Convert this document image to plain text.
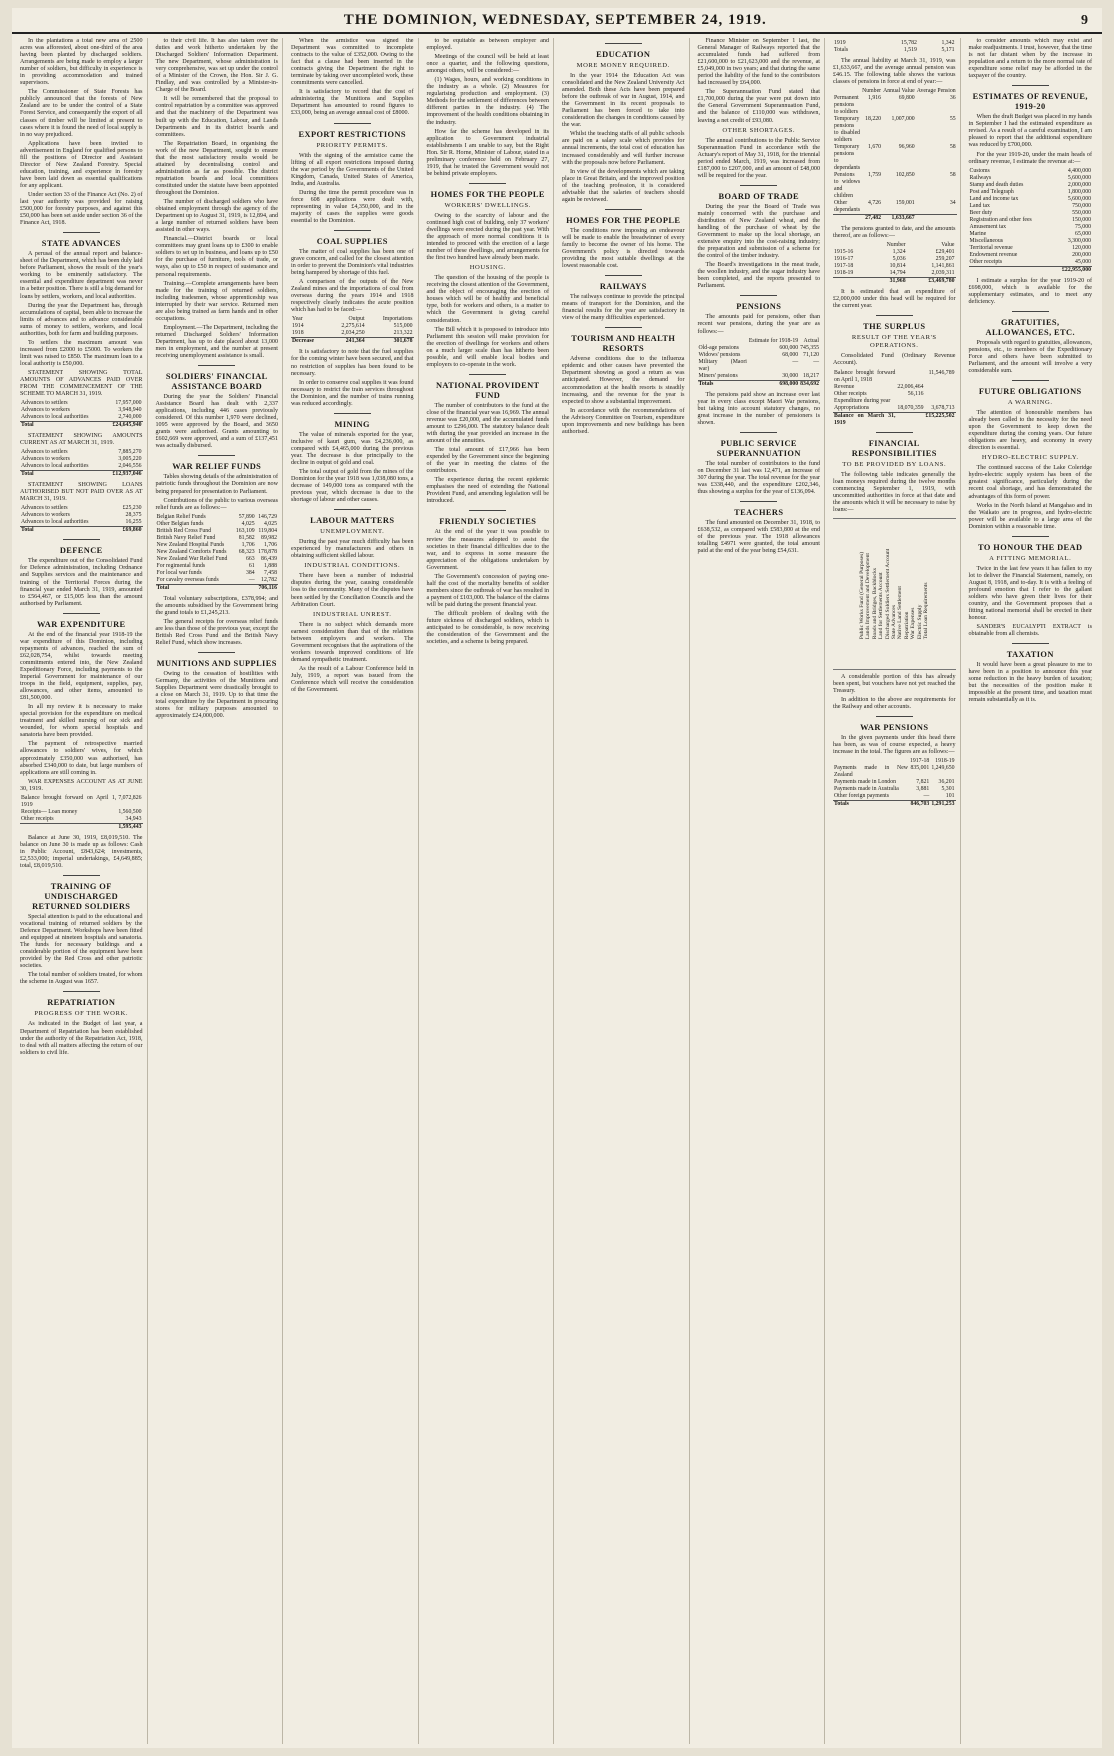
THE DOMINION, WEDNESDAY, SEPTEMBER 24, 1919.	9

In the plantations a total new area of 2500 acres was afforested, about one-third of the area having been planted by discharged soldiers. Arrangements are being made to employ a larger number of soldiers, but difficulty in experience is in providing accommodation and trained supervisors.

The Commissioner of State Forests has publicly announced that the forests of New Zealand are to be under the control of a State Forest Service, and consequently the export of all classes of timber will be limited at present to cases where it is found the need of local supply is in no way prejudiced.

Applications have been invited to advertisement in England for qualified persons to fill the positions of Director and Assistant Director of New Zealand Forestry. Special education, training, and experience in forestry have been laid down as essential qualifications for any applicant.

Under section 33 of the Finance Act (No. 2) of last year authority was provided for raising £500,000 for forestry purposes, and against this £50,000 has been set aside under section 36 of the Finance Act, 1918.

STATE ADVANCES

A perusal of the annual report and balance-sheet of the Department, which has been duly laid before Parliament, shows the result of the year's working to be eminently satisfactory. The essential and expenditure department was never in a better position. There is still a big demand for loans by settlers, workers, and local authorities.

During the year the Department has, through accumulations of capital, been able to increase the limits of advances and to advance considerable sums of money to settlers, workers, and local authorities, both for farm and building purposes.

To settlers the maximum amount was increased from £2000 to £5000. To workers the limit was raised to £850. The maximum loan to a local authority is £50,000.

STATEMENT SHOWING TOTAL AMOUNTS OF ADVANCES PAID OVER FROM THE COMMENCEMENT OF THE SCHEME TO MARCH 31, 1919.

Advances to settlers	17,957,000
Advances to workers	3,948,940
Advances to local authorities	2,740,000
Total	£24,645,940

STATEMENT SHOWING AMOUNTS CURRENT AS AT MARCH 31, 1919.

Advances to settlers	7,885,270
Advances to workers	3,005,220
Advances to local authorities	2,046,556
Total	£12,937,046

STATEMENT SHOWING LOANS AUTHORISED BUT NOT PAID OVER AS AT MARCH 31, 1919.

Advances to settlers	£25,230
Advances to workers	28,375
Advances to local authorities	16,255
Total	£69,860
DEFENCE

The expenditure out of the Consolidated Fund for Defence administration, including Ordnance and Supplies services and the maintenance and training of the Territorial Forces during the financial year ended March 31, 1919, amounted to £564,467, or £15,005 less than the amount authorised by Parliament.

WAR EXPENDITURE

At the end of the financial year 1918-19 the war expenditure of this Dominion, including repayments of advances, reached the sum of £62,028,754, whilst towards meeting commitments entered into, the New Zealand Expeditionary Force, including payments to the Imperial Government for maintenance of our troops in the field, equipment, supplies, pay, allowances, and other items, amounted to £81,500,000.

In all my review it is necessary to make special provision for the expenditure on medical treatment and skilled nursing of our sick and wounded, for whom special hospitals and sanatoria have been provided.

The payment of retrospective married allowances to soldiers' wives, for which approximately £350,000 was authorised, has absorbed £340,000 to date, but large numbers of applications are still coming in.

WAR EXPENSES ACCOUNT AS AT JUNE 30, 1919.

Balance brought forward on April 1, 1919	7,072,826
Receipts— Loan money	1,560,500
Other receipts	34,943
	1,595,443

Balance at June 30, 1919, £8,019,510. The balance on June 30 is made up as follows: Cash in Public Account, £843,624; investments, £2,533,000; imperial undertakings, £4,649,885; total, £8,019,510.

TRAINING OF UNDISCHARGED RETURNED SOLDIERS

Special attention is paid to the educational and vocational training of returned soldiers by the Defence Department. Workshops have been fitted and equipped at nineteen hospitals and sanatoria. The funds for necessary buildings and a considerable portion of the equipment have been provided by the Red Cross and other patriotic societies.

The total number of soldiers treated, for whom the scheme in August was 1657.

REPATRIATION
PROGRESS OF THE WORK.

As indicated in the Budget of last year, a Department of Repatriation has been established under the authority of the Repatriation Act, 1918, to deal with all matters affecting the return of our soldiers to civil life.

to their civil life. It has also taken over the duties and work hitherto undertaken by the Discharged Soldiers' Information Department. The new Department, whose administration is very comprehensive, was set up under the control of a Minister of the Crown, the Hon. Sir J. G. Findlay, and was controlled by a Minister-in-Charge of the Board.

It will be remembered that the proposal to control repatriation by a committee was approved and that the machinery of the Department was built up with the Education, Labour, and Lands Departments and in its district boards and committees.

The Repatriation Board, in organising the work of the new Department, sought to ensure that the most satisfactory results would be attained by decentralising control and administration as far as possible. The district repatriation boards and local committees constituted under the statute have been appointed throughout the Dominion.

The number of discharged soldiers who have obtained employment through the agency of the Department up to August 31, 1919, is 12,894, and a large number of returned soldiers have been assisted in other ways.

Financial.—District boards or local committees may grant loans up to £300 to enable soldiers to set up in business, and loans up to £50 for the purchase of furniture, tools of trade, or ways, also up to £50 in respect of sustenance and personal requirements.

Training.—Complete arrangements have been made for the training of returned soldiers, including tradesmen, whose apprenticeship was interrupted by their war service. Returned men are also being trained as farm hands and in other occupations.

Employment.—The Department, including the returned Discharged Soldiers' Information Department, has up to date placed about 13,000 men in employment, and the number at present receiving unemployment assistance is small.

SOLDIERS' FINANCIAL ASSISTANCE BOARD

During the year the Soldiers' Financial Assistance Board has dealt with 2,337 applications, including 446 cases previously considered. Of this number 1,970 were declined, 1095 were approved by the Board, and 3650 grants were authorised. Grants amounting to £602,669 were approved, and a sum of £137,451 was actually disbursed.

WAR RELIEF FUNDS

Tables showing details of the administration of patriotic funds throughout the Dominion are now being prepared for presentation to Parliament.

Contributions of the public to various overseas relief funds are as follows:—

Belgian Relief Funds	57,890	146,729
Other Belgian funds	4,025	4,025
British Red Cross Fund	163,109	119,804
British Navy Relief Fund	81,582	89,982
New Zealand Hospital Funds	1,706	1,706
New Zealand Comforts Funds	68,323	178,878
New Zealand War Relief Fund	663	86,439
For regimental funds	61	1,888
For local war funds	384	7,458
For cavalry overseas funds	—	12,782
Total		706,116

Total voluntary subscriptions, £378,994; and the amounts subsidised by the Government bring the grand totals to £1,245,213.

The general receipts for overseas relief funds are less than those of the previous year, except the British Red Cross Fund and the British Navy Relief Fund, which show increases.

MUNITIONS AND SUPPLIES

Owing to the cessation of hostilities with Germany, the activities of the Munitions and Supplies Department were drastically brought to a close on March 31, 1919. Up to that time the total expenditure by the Department in procuring stores for military purposes amounted to approximately £24,000,000.

When the armistice was signed the Department was committed to incomplete contracts to the value of £352,000. Owing to the fact that a clause had been inserted in the contracts giving the Department the right to terminate by taking over uncompleted work, these commitments were cancelled.

It is satisfactory to record that the cost of administering the Munitions and Supplies Department has amounted to round figures to £33,000, being an average annual cost of £8000.

EXPORT RESTRICTIONS
PRIORITY PERMITS.

With the signing of the armistice came the lifting of all export restrictions imposed during the war period by the Governments of the United Kingdom, Canada, United States of America, India, and Australia.

During the time the permit procedure was in force 608 applications were dealt with, representing in value £4,350,000, and in the majority of cases the supplies were goods essential to the Dominion.

COAL SUPPLIES

The matter of coal supplies has been one of grave concern, and called for the closest attention in order to prevent the Dominion's vital industries being hampered by shortage of this fuel.

A comparison of the outputs of the New Zealand mines and the importations of coal from overseas during the years 1914 and 1918 respectively clearly indicates the acute position which has had to be faced:—

Year	Output	Importations
1914	2,275,614	515,000
1918	2,034,250	213,322
Decrease	241,364	301,678

It is satisfactory to note that the fuel supplies for the coming winter have been secured, and that no restriction of supplies has been found to be necessary.

In order to conserve coal supplies it was found necessary to restrict the train services throughout the Dominion, and the number of trains running was reduced accordingly.

MINING

The value of minerals exported for the year, inclusive of kauri gum, was £4,236,000, as compared with £4,465,000 during the previous year. The decrease is due principally to the decline in output of gold and coal.

The total output of gold from the mines of the Dominion for the year 1918 was 1,038,080 tons, a decrease of 149,000 tons as compared with the previous year, which decrease is due to the shortage of labour and other causes.

LABOUR MATTERS
UNEMPLOYMENT.

During the past year much difficulty has been experienced by manufacturers and others in obtaining sufficient skilled labour.

INDUSTRIAL CONDITIONS.

There have been a number of industrial disputes during the year, causing considerable loss to the community. Many of the disputes have been settled by the Conciliation Councils and the Arbitration Court.

INDUSTRIAL UNREST.

There is no subject which demands more earnest consideration than that of the relations between employers and workers. The Government recognises that the aspirations of the workers towards improved conditions of life demand sympathetic treatment.

As the result of a Labour Conference held in July, 1919, a report was issued from the Conference which will receive the consideration of the Government.

to be equitable as between employer and employed.

Meetings of the council will be held at least once a quarter, and the following questions, amongst others, will be considered:—

(1) Wages, hours, and working conditions in the industry as a whole. (2) Measures for regularising production and employment. (3) Methods for the settlement of differences between different parties in the industry. (4) The improvement of the health conditions obtaining in the industry.

How far the scheme has developed in its application to Government industrial establishments I am unable to say, but the Right Hon. Sir R. Horne, Minister of Labour, stated in a preliminary conference held on February 27, 1919, that he trusted the Government would not be behind private employers.

HOMES FOR THE PEOPLE
WORKERS' DWELLINGS.

Owing to the scarcity of labour and the continued high cost of building, only 37 workers' dwellings were erected during the past year. With the approach of more normal conditions it is intended to proceed with the erection of a large number of these dwellings, and arrangements for the first two hundred have already been made.

HOUSING.

The question of the housing of the people is receiving the closest attention of the Government, and the object of encouraging the erection of houses which will be of healthy and beneficial type, both for workers and others, is a matter to which the Government is giving careful consideration.

The Bill which it is proposed to introduce into Parliament this session will make provision for the erection of dwellings for workers and others on a much larger scale than has hitherto been possible, and will enable local bodies and employers to co-operate in the work.

NATIONAL PROVIDENT FUND

The number of contributors to the fund at the close of the financial year was 16,969. The annual revenue was £20,000, and the accumulated funds amount to £296,000. The statutory balance dealt with during the year provided an increase in the amount of the annuities.

The total amount of £17,966 has been expended by the Government since the beginning of the year in meeting the claims of the contributors.

The experience during the recent epidemic emphasises the need of extending the National Provident Fund, and amending legislation will be introduced.

FRIENDLY SOCIETIES

At the end of the year it was possible to review the measures adopted to assist the societies in their financial difficulties due to the war, and to express in some measure the appreciation of the obligations undertaken by Government.

The Government's concession of paying one-half the cost of the mortality benefits of soldier members since the outbreak of war has resulted in a payment of £103,000. The balance of the claims will be paid during the present financial year.

The difficult problem of dealing with the future sickness of discharged soldiers, which is anticipated to be considerable, is now receiving the consideration of the Government and the societies, and a scheme is being prepared.

EDUCATION
MORE MONEY REQUIRED.

In the year 1914 the Education Act was consolidated and the New Zealand University Act amended. Both these Acts have been prepared before the outbreak of war in August, 1914, and the Government in its recent proposals to Parliament has been forced to take into consideration the changes in conditions caused by the war.

Whilst the teaching staffs of all public schools are paid on a salary scale which provides for annual increments, the total cost of education has increased considerably and will further increase with the proposals now before Parliament.

In view of the developments which are taking place in Great Britain, and the improved position of the teaching profession, it is considered advisable that the salaries of teachers should again be reviewed.

HOMES FOR THE PEOPLE

The conditions now imposing an endeavour will be made to enable the breadwinner of every family to become the owner of his home. The Government's policy is directed towards providing the most suitable dwellings at the lowest reasonable cost.

RAILWAYS

The railways continue to provide the principal means of transport for the Dominion, and the financial results for the year are satisfactory in view of the many difficulties experienced.

TOURISM AND HEALTH RESORTS

Adverse conditions due to the influenza epidemic and other causes have prevented the Department showing as good a return as was anticipated. However, the demand for accommodation at the health resorts is steadily increasing, and the revenue for the year is expected to show a substantial improvement.

In accordance with the recommendations of the Advisory Committee on Tourism, expenditure upon improvements and new buildings has been authorised.

Finance Minister on September 1 last, the General Manager of Railways reported that the accumulated funds had suffered from £21,600,000 to £21,623,000 and the revenue, at £5,049,000 in two years; and that during the same period the liability of the fund to the contributors had increased by £64,000.

The Superannuation Fund stated that £1,700,000 during the year were put down into the General Government Superannuation Fund, and the balance of £110,000 was withdrawn, leaving a net credit of £93,080.

OTHER SHORTAGES.

The annual contributions to the Public Service Superannuation Fund in accordance with the Actuary's report of May 31, 1918, for the triennial period ended March, 1919, was increased from £187,000 to £207,000, and an amount of £48,000 will be required for the year.

BOARD OF TRADE

During the year the Board of Trade was mainly concerned with the purchase and distribution of New Zealand wheat, and the handling of the purchase of wheat by the Government to make up the local shortage, an extensive enquiry into the cost-raising industry; the preparation and submission of a scheme for the control of the timber industry.

The Board's investigations in the meat trade, the woollen industry, and the sugar industry have been completed, and the reports presented to Parliament.

PENSIONS

The amounts paid for pensions, other than recent war pensions, during the year are as follows:—

	Estimate for 1918-19	Actual
Old-age pensions	600,000	745,355
Widows' pensions	68,000	71,120
Military (Maori war)	—	—
Miners' pensions	30,000	18,217
Totals	698,000	834,692

The pensions paid show an increase over last year in every class except Maori War pensions, but taking into account statutory changes, no great increase in the number of pensioners is shown.

PUBLIC SERVICE SUPERANNUATION

The total number of contributors to the fund on December 31 last was 12,471, an increase of 307 during the year. The total revenue for the year was £338,440, and the expenditure £202,346, thus showing a surplus for the year of £136,094.

TEACHERS

The fund amounted on December 31, 1918, to £638,532, as compared with £583,800 at the end of the previous year. The 1918 allowances totalling £4971 were granted, the total amount paid at the end of the year being £54,631.

1919	15,782	1,342
Totals	1,519	5,171

The annual liability at March 31, 1919, was £1,633,667, and the average annual pension was £46.15. The following table shows the various classes of pensions in force at end of year:—

	Number	Annual Value	Average Pension
Permanent pensions to soldiers	1,916	69,800	36
Temporary pensions to disabled soldiers	18,220	1,007,000	55
Temporary pensions to dependants	1,670	96,960	58
Pensions to widows and children	1,759	102,850	58
Other dependants	4,726	159,001	34
	27,482	1,633,667	

The pensions granted to date, and the amounts thereof, are as follows:—

	Number	Value
1915-16	1,324	£29,401
1916-17	5,036	259,207
1917-18	10,814	1,141,861
1918-19	14,794	2,039,311
	31,968	£3,469,780

It is estimated that an expenditure of £2,000,000 under this head will be required for the current year.

THE SURPLUS
RESULT OF THE YEAR'S OPERATIONS.

Consolidated Fund (Ordinary Revenue Account).

Balance brought forward on April 1, 1918		11,546,789
Revenue	22,006,464	
Other receipts	56,116	
Expenditure during year		
Appropriations	18,070,359	3,678,713
Balance on March 31, 1919		£15,225,502
FINANCIAL RESPONSIBILITIES
TO BE PROVIDED BY LOANS.

The following table indicates generally the loan moneys required during the twelve months commencing September 1, 1919, with uncommitted authorities in force at that date and the amounts which it will be necessary to raise by loans:—

Public Works Fund (General Purposes) Lands Improvement and Development Roads and Bridges, Backblocks Land for Settlements Account Discharged Soldiers Settlement Account State Advances Native Land Settlement Repatriation War Expenses Electric Supply Total Loan Requirements

A considerable portion of this has already been spent, but vouchers have not yet reached the Treasury.

In addition to the above are requirements for the Railway and other accounts.

WAR PENSIONS

In the given payments under this head there has been, as was of course expected, a heavy increase in the total. The figures are as follows:—

	1917-18	1918-19
Payments made in New Zealand	835,001	1,249,650
Payments made in London	7,821	36,201
Payments made in Australia	3,881	5,301
Other foreign payments	—	101
Totals	846,703	1,291,253

to consider amounts which may exist and make readjustments. I trust, however, that the time is not far distant when by the increase in population and a return to the more normal rate of expenditure some relief may be afforded in the taxpayer of the country.

ESTIMATES OF REVENUE, 1919-20

When the draft Budget was placed in my hands in September I had the estimated expenditure as revised. As a result of a careful examination, I am pleased to report that the additional expenditure was reduced by £700,000.

For the year 1919-20, under the main heads of ordinary revenue, I estimate the revenue at:—

Customs	4,400,000
Railways	5,600,000
Stamp and death duties	2,000,000
Post and Telegraph	1,800,000
Land and income tax	5,600,000
Land tax	750,000
Beer duty	550,000
Registration and other fees	150,000
Amusement tax	75,000
Marine	65,000
Miscellaneous	3,300,000
Territorial revenue	120,000
Endowment revenue	200,000
Other receipts	45,000
	£22,955,000

I estimate a surplus for the year 1919-20 of £698,000, which is available for the supplementary estimates, and to meet any deficiency.

GRATUITIES, ALLOWANCES, ETC.

Proposals with regard to gratuities, allowances, pensions, etc., to members of the Expeditionary Force and others have been submitted to Parliament, and the amount will involve a very considerable sum.

FUTURE OBLIGATIONS
A WARNING.

The attention of honourable members has already been called to the necessity for the need upon the Government to keep down the expenditure during the coming years. Our future obligations are heavy, and economy in every direction is essential.

HYDRO-ELECTRIC SUPPLY.

The continued success of the Lake Coleridge hydro-electric supply system has been of the greatest significance, particularly during the recent coal shortage, and has demonstrated the advantages of this form of power.

Works in the North Island at Mangahao and in the Waikato are in progress, and hydro-electric power will be available to a large area of the Dominion within a reasonable time.

TO HONOUR THE DEAD
A FITTING MEMORIAL.

Twice in the last few years it has fallen to my lot to deliver the Financial Statement, namely, on August 8, 1918, and to-day. It is with a feeling of profound emotion that I refer to the gallant soldiers who have given their lives for their country, and the Government proposes that a fitting national memorial shall be erected in their honour.

SANDER'S EUCALYPTI EXTRACT is obtainable from all chemists.

TAXATION

It would have been a great pleasure to me to have been in a position to announce this year some reduction in the heavy burden of taxation; but the necessities of the position make it impossible at the present time, and taxation must remain substantially as it is.
